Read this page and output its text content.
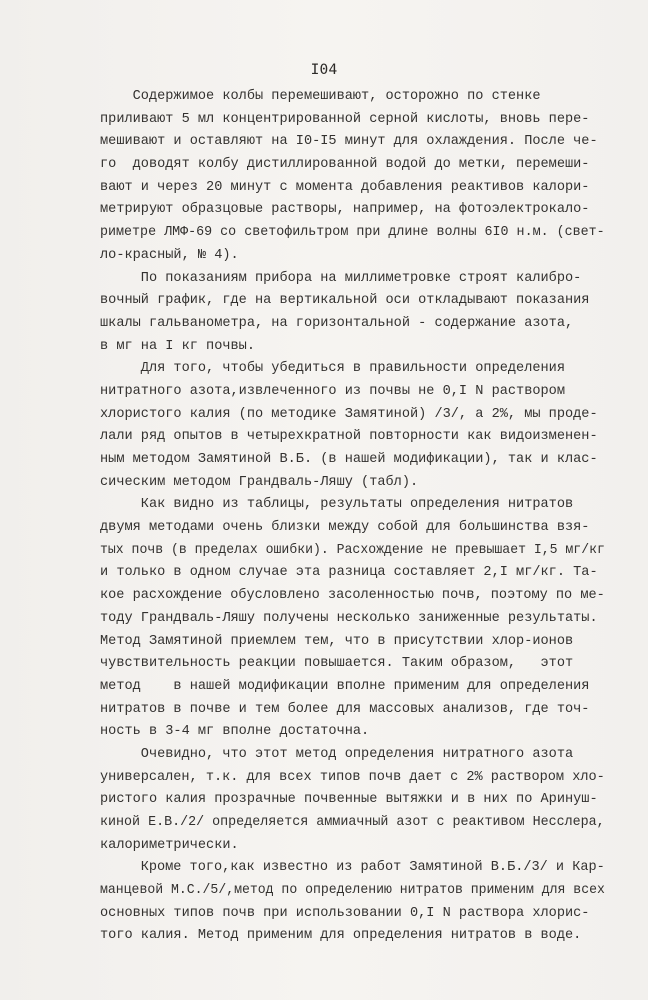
I04
Содержимое колбы перемешивают, осторожно по стенке
приливают 5 мл концентрированной серной кислоты, вновь пере-
мешивают и оставляют на I0-I5 минут для охлаждения. После че-
го  доводят колбу дистиллированной водой до метки, перемеши-
вают и через 20 минут с момента добавления реактивов калори-
метрируют образцовые растворы, например, на фотоэлектрокало-
риметре ЛМФ-69 со светофильтром при длине волны 6I0 н.м. (свет-
ло-красный, № 4).
По показаниям прибора на миллиметровке строят калибро-
вочный график, где на вертикальной оси откладывают показания
шкалы гальванометра, на горизонтальной - содержание азота,
в мг на I кг почвы.
Для того, чтобы убедиться в правильности определения
нитратного азота,извлеченного из почвы не 0,I N раствором
хлористого калия (по методике Замятиной) /3/, а 2%, мы проде-
лали ряд опытов в четырехкратной повторности как видоизменен-
ным методом Замятиной В.Б. (в нашей модификации), так и клас-
сическим методом Грандваль-Ляшу (табл).
Как видно из таблицы, результаты определения нитратов
двумя методами очень близки между собой для большинства взя-
тых почв (в пределах ошибки). Расхождение не превышает I,5 мг/кг
и только в одном случае эта разница составляет 2,I мг/кг. Та-
кое расхождение обусловлено засоленностью почв, поэтому по ме-
тоду Грандваль-Ляшу получены несколько заниженные результаты.
Метод Замятиной приемлем тем, что в присутствии хлор-ионов
чувствительность реакции повышается. Таким образом,   этот
метод    в нашей модификации вполне применим для определения
нитратов в почве и тем более для массовых анализов, где точ-
ность в 3-4 мг вполне достаточна.
Очевидно, что этот метод определения нитратного азота
универсален, т.к. для всех типов почв дает с 2% раствором хло-
ристого калия прозрачные почвенные вытяжки и в них по Аринуш-
киной Е.В./2/ определяется аммиачный азот с реактивом Несслера,
калориметрически.
Кроме того,как известно из работ Замятиной В.Б./3/ и Кар-
манцевой М.С./5/,метод по определению нитратов применим для всех
основных типов почв при использовании 0,I N раствора хлорис-
того калия. Метод применим для определения нитратов в воде.
